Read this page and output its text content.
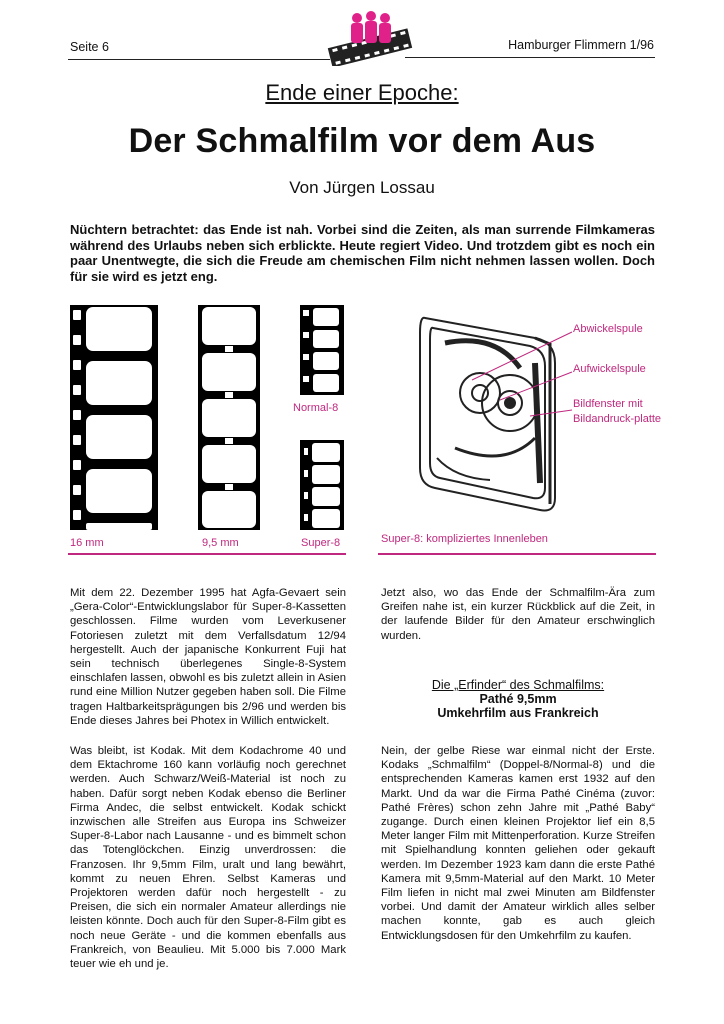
Seite 6	Hamburger Flimmern 1/96
Ende einer Epoche:
Der Schmalfilm vor dem Aus
Von Jürgen Lossau

Nüchtern betrachtet: das Ende ist nah. Vorbei sind die Zeiten, als man surrende Filmkameras während des Urlaubs neben sich erblickte. Heute regiert Video. Und trotzdem gibt es noch ein paar Unentwegte, die sich die Freude am chemischen Film nicht nehmen lassen wollen. Doch für sie wird es jetzt eng.

Normal-8
16 mm	9,5 mm	Super-8
Abwickelspule
Aufwickelspule
Bildfenster mit Bildandruck-platte
Super-8: kompliziertes Innenleben

Mit dem 22. Dezember 1995 hat Agfa-Gevaert sein „Gera-Color“-Entwicklungslabor für Super-8-Kassetten geschlossen. Filme wurden vom Leverkusener Fotoriesen zuletzt mit dem Verfallsdatum 12/94 hergestellt. Auch der japanische Konkurrent Fuji hat sein technisch überlegenes Single-8-System einschlafen lassen, obwohl es bis zuletzt allein in Asien rund eine Million Nutzer gegeben haben soll. Die Filme tragen Haltbarkeitsprägungen bis 2/96 und werden bis Ende dieses Jahres bei Photex in Willich entwickelt.

Was bleibt, ist Kodak. Mit dem Kodachrome 40 und dem Ektachrome 160 kann vorläufig noch gerechnet werden. Auch Schwarz/Weiß-Material ist noch zu haben. Dafür sorgt neben Kodak ebenso die Berliner Firma Andec, die selbst entwickelt. Kodak schickt inzwischen alle Streifen aus Europa ins Schweizer Super-8-Labor nach Lausanne - und es bimmelt schon das Totenglöckchen. Einzig unverdrossen: die Franzosen. Ihr 9,5mm Film, uralt und lang bewährt, kommt zu neuen Ehren. Selbst Kameras und Projektoren werden dafür noch hergestellt - zu Preisen, die sich ein normaler Amateur allerdings nie leisten könnte. Doch auch für den Super-8-Film gibt es noch neue Geräte - und die kommen ebenfalls aus Frankreich, von Beaulieu. Mit 5.000 bis 7.000 Mark teuer wie eh und je.

Jetzt also, wo das Ende der Schmalfilm-Ära zum Greifen nahe ist, ein kurzer Rückblick auf die Zeit, in der laufende Bilder für den Amateur erschwinglich wurden.

Die „Erfinder“ des Schmalfilms:
Pathé 9,5mm
Umkehrfilm aus Frankreich

Nein, der gelbe Riese war einmal nicht der Erste. Kodaks „Schmalfilm“ (Doppel-8/Normal-8) und die entsprechenden Kameras kamen erst 1932 auf den Markt. Und da war die Firma Pathé Cinéma (zuvor: Pathé Frères) schon zehn Jahre mit „Pathé Baby“ zugange. Durch einen kleinen Projektor lief ein 8,5 Meter langer Film mit Mittenperforation. Kurze Streifen mit Spielhandlung konnten geliehen oder gekauft werden. Im Dezember 1923 kam dann die erste Pathé Kamera mit 9,5mm-Material auf den Markt. 10 Meter Film liefen in nicht mal zwei Minuten am Bildfenster vorbei. Und damit der Amateur wirklich alles selber machen konnte, gab es auch gleich Entwicklungsdosen für den Umkehrfilm zu kaufen.
